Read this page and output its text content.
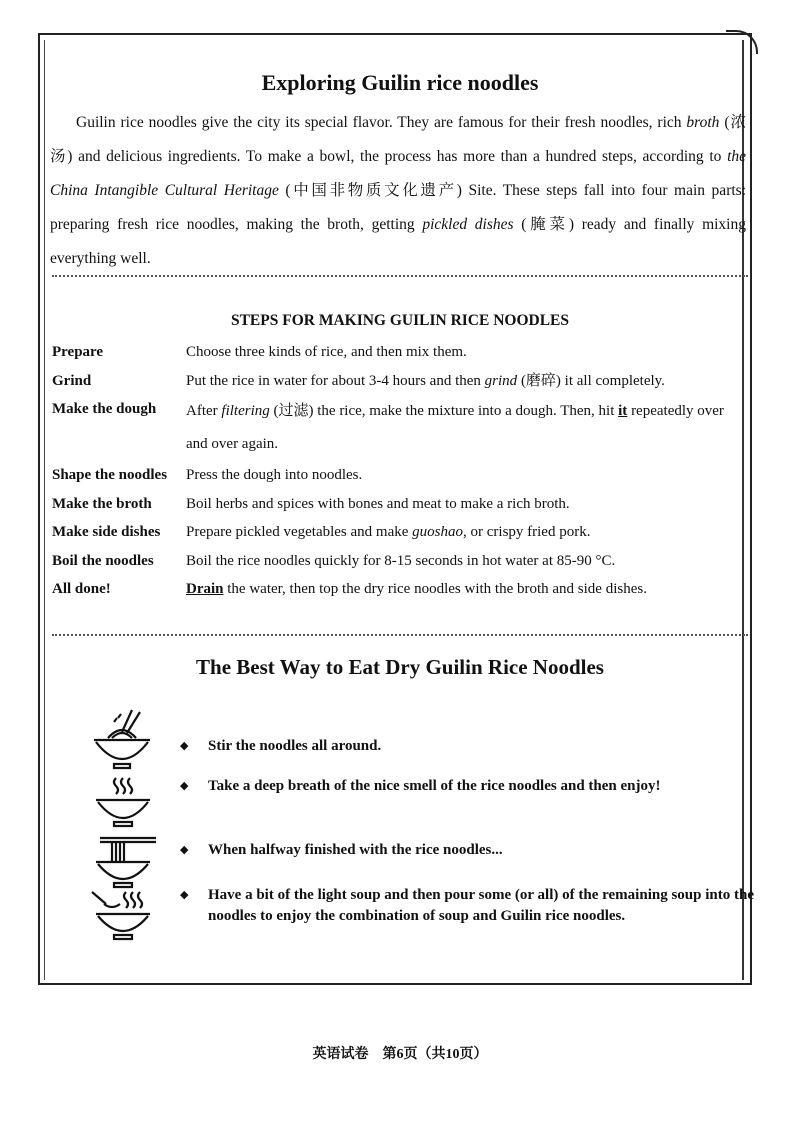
Exploring Guilin rice noodles

Guilin rice noodles give the city its special flavor. They are famous for their fresh noodles, rich broth (浓汤) and delicious ingredients. To make a bowl, the process has more than a hundred steps, according to the China Intangible Cultural Heritage (中国非物质文化遗产) Site. These steps fall into four main parts: preparing fresh rice noodles, making the broth, getting pickled dishes (腌菜) ready and finally mixing everything well.

STEPS FOR MAKING GUILIN RICE NOODLES
Prepare	Choose three kinds of rice, and then mix them.
Grind	Put the rice in water for about 3-4 hours and then grind (磨碎) it all completely.
Make the dough	After filtering (过滤) the rice, make the mixture into a dough. Then, hit it repeatedly over and over again.
Shape the noodles	Press the dough into noodles.
Make the broth	Boil herbs and spices with bones and meat to make a rich broth.
Make side dishes	Prepare pickled vegetables and make guoshao, or crispy fried pork.
Boil the noodles	Boil the rice noodles quickly for 8-15 seconds in hot water at 85-90 °C.
All done!	Drain the water, then top the dry rice noodles with the broth and side dishes.
The Best Way to Eat Dry Guilin Rice Noodles
◆ Stir the noodles all around.
◆ Take a deep breath of the nice smell of the rice noodles and then enjoy!
◆ When halfway finished with the rice noodles...
◆ Have a bit of the light soup and then pour some (or all) of the remaining soup into the noodles to enjoy the combination of soup and Guilin rice noodles.

英语试卷　第6页（共10页）
